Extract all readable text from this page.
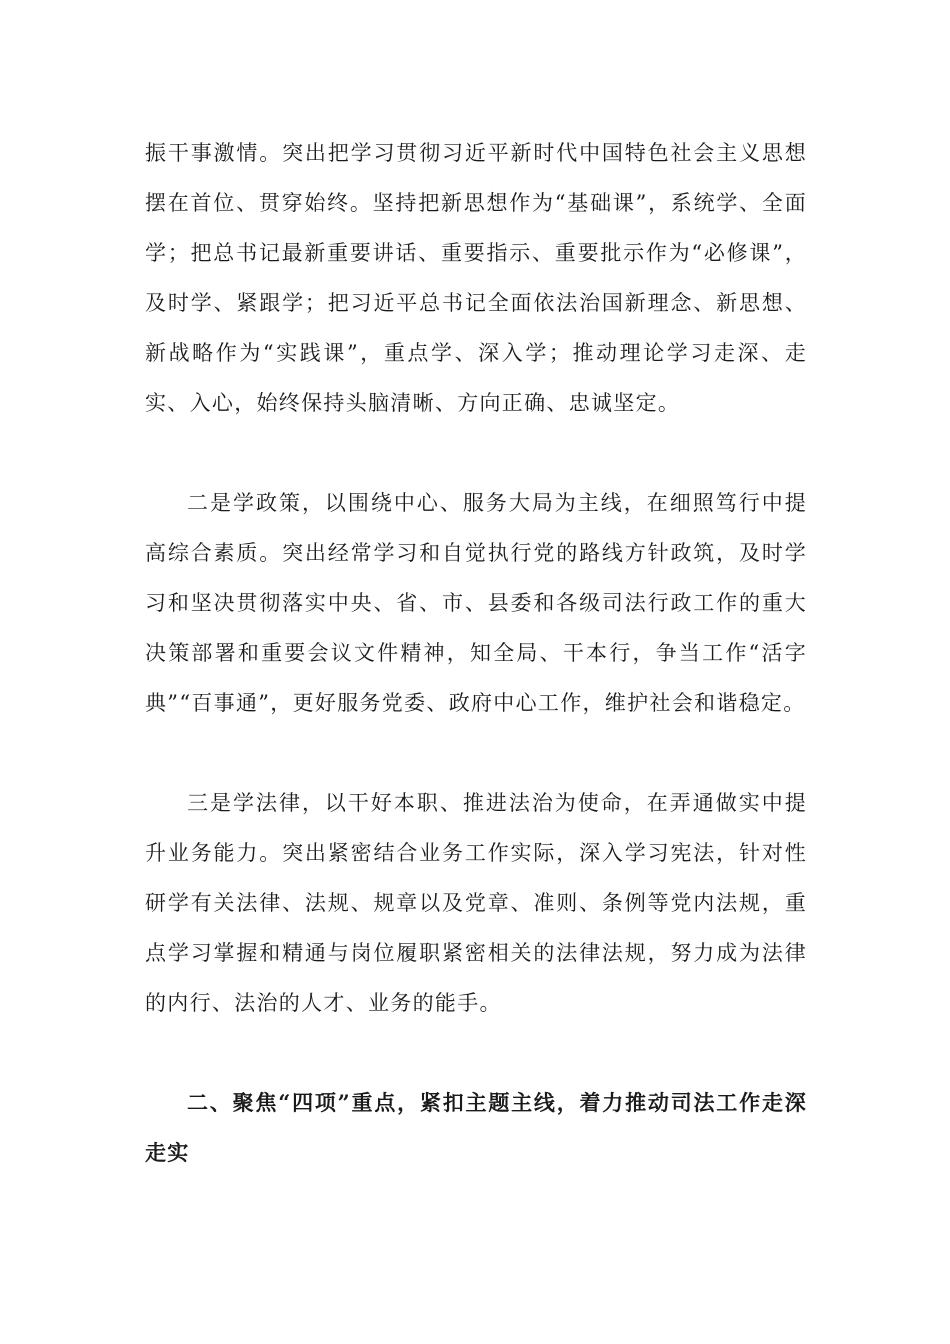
振干事激情。突出把学习贯彻习近平新时代中国特色社会主义思想摆在首位、贯穿始终。坚持把新思想作为“基础课”，系统学、全面学；把总书记最新重要讲话、重要指示、重要批示作为“必修课”，及时学、紧跟学；把习近平总书记全面依法治国新理念、新思想、新战略作为“实践课”，重点学、深入学；推动理论学习走深、走实、入心，始终保持头脑清晰、方向正确、忠诚坚定。

二是学政策，以围绕中心、服务大局为主线，在细照笃行中提高综合素质。突出经常学习和自觉执行党的路线方针政筑，及时学习和坚决贯彻落实中央、省、市、县委和各级司法行政工作的重大决策部署和重要会议文件精神，知全局、干本行，争当工作“活字典”“百事通”，更好服务党委、政府中心工作，维护社会和谐稳定。

三是学法律，以干好本职、推进法治为使命，在弄通做实中提升业务能力。突出紧密结合业务工作实际，深入学习宪法，针对性研学有关法律、法规、规章以及党章、准则、条例等党内法规，重点学习掌握和精通与岗位履职紧密相关的法律法规，努力成为法律的内行、法治的人才、业务的能手。

二、聚焦“四项”重点，紧扣主题主线，着力推动司法工作走深走实
